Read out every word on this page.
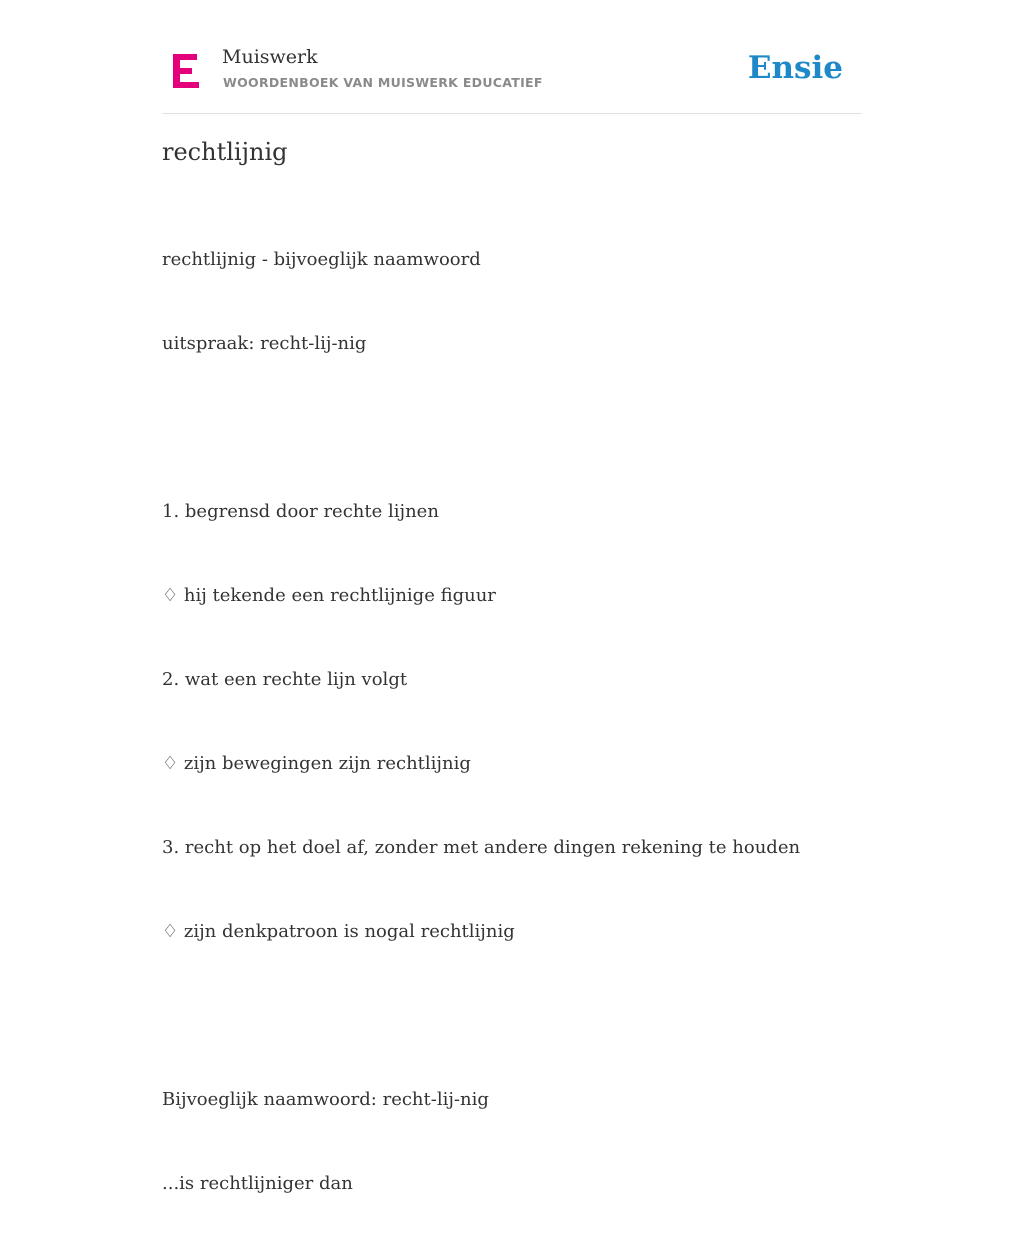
Muiswerk
WOORDENBOEK VAN MUISWERK EDUCATIEF	Ensie
rechtlijnig

rechtlijnig - bijvoeglijk naamwoord

uitspraak: recht-lij-nig

1. begrensd door rechte lijnen

♢ hij tekende een rechtlijnige figuur

2. wat een rechte lijn volgt

♢ zijn bewegingen zijn rechtlijnig

3. recht op het doel af, zonder met andere dingen rekening te houden

♢ zijn denkpatroon is nogal rechtlijnig

Bijvoeglijk naamwoord: recht-lij-nig

...is rechtlijniger dan
